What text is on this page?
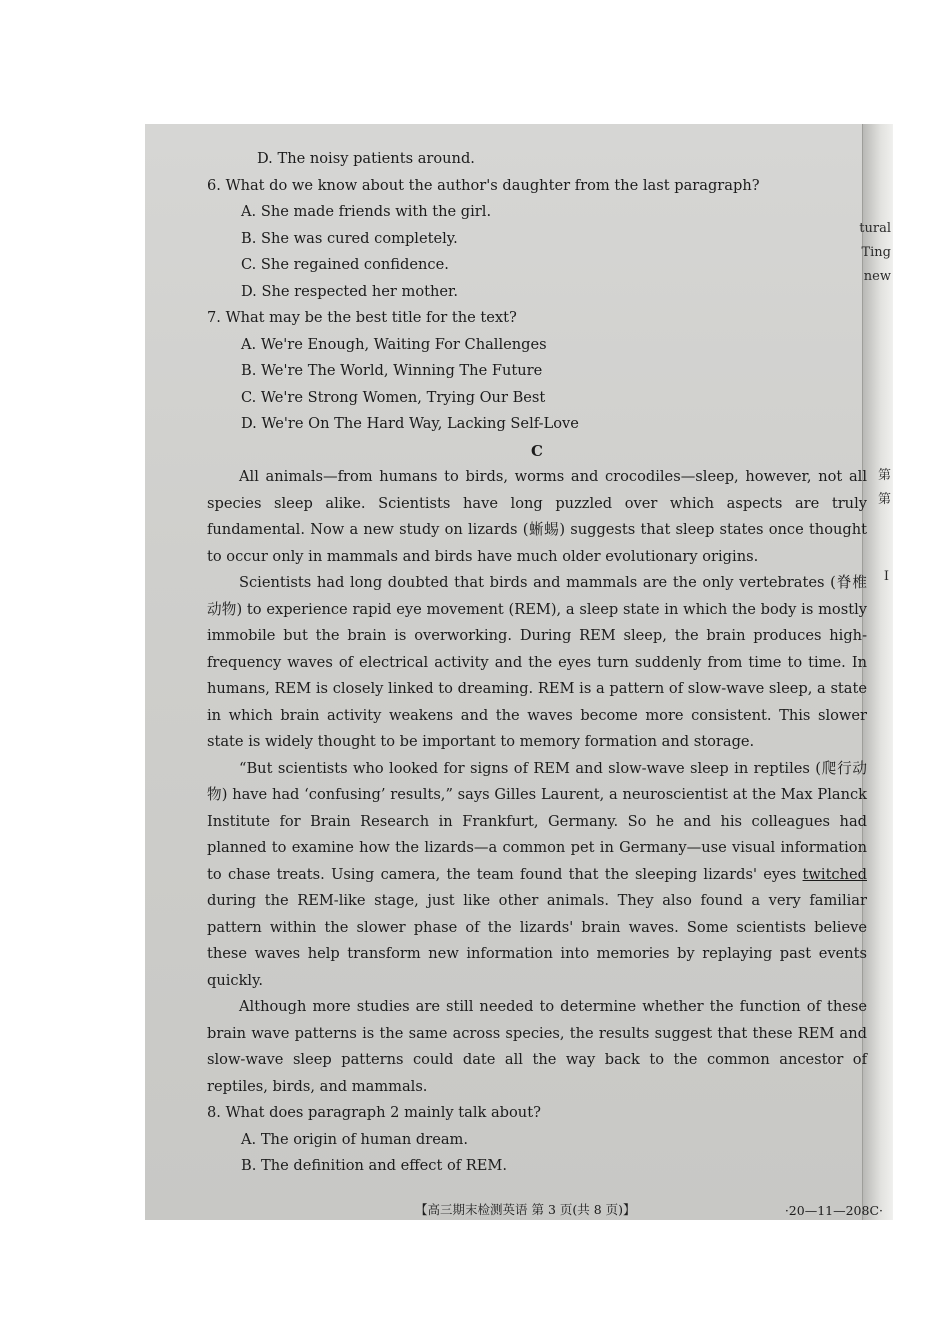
tural
Ting
new
第
第
I

D. The noisy patients around.

6. What do we know about the author's daughter from the last paragraph?

A. She made friends with the girl.

B. She was cured completely.

C. She regained confidence.

D. She respected her mother.

7. What may be the best title for the text?

A. We're Enough, Waiting For Challenges

B. We're The World, Winning The Future

C. We're Strong Women, Trying Our Best

D. We're On The Hard Way, Lacking Self-Love

C

All animals—from humans to birds, worms and crocodiles—sleep, however, not all species sleep alike. Scientists have long puzzled over which aspects are truly fundamental. Now a new study on lizards (蜥蜴) suggests that sleep states once thought to occur only in mammals and birds have much older evolutionary origins.

Scientists had long doubted that birds and mammals are the only vertebrates (脊椎动物) to experience rapid eye movement (REM), a sleep state in which the body is mostly immobile but the brain is overworking. During REM sleep, the brain produces high-frequency waves of electrical activity and the eyes turn suddenly from time to time. In humans, REM is closely linked to dreaming. REM is a pattern of slow-wave sleep, a state in which brain activity weakens and the waves become more consistent. This slower state is widely thought to be important to memory formation and storage.

“But scientists who looked for signs of REM and slow-wave sleep in reptiles (爬行动物) have had ‘confusing’ results,” says Gilles Laurent, a neuroscientist at the Max Planck Institute for Brain Research in Frankfurt, Germany. So he and his colleagues had planned to examine how the lizards—a common pet in Germany—use visual information to chase treats. Using camera, the team found that the sleeping lizards' eyes twitched during the REM-like stage, just like other animals. They also found a very familiar pattern within the slower phase of the lizards' brain waves. Some scientists believe these waves help transform new information into memories by replaying past events quickly.

Although more studies are still needed to determine whether the function of these brain wave patterns is the same across species, the results suggest that these REM and slow-wave sleep patterns could date all the way back to the common ancestor of reptiles, birds, and mammals.

8. What does paragraph 2 mainly talk about?

A. The origin of human dream.

B. The definition and effect of REM.

【高三期末检测英语 第 3 页(共 8 页)】	·20—11—208C·
